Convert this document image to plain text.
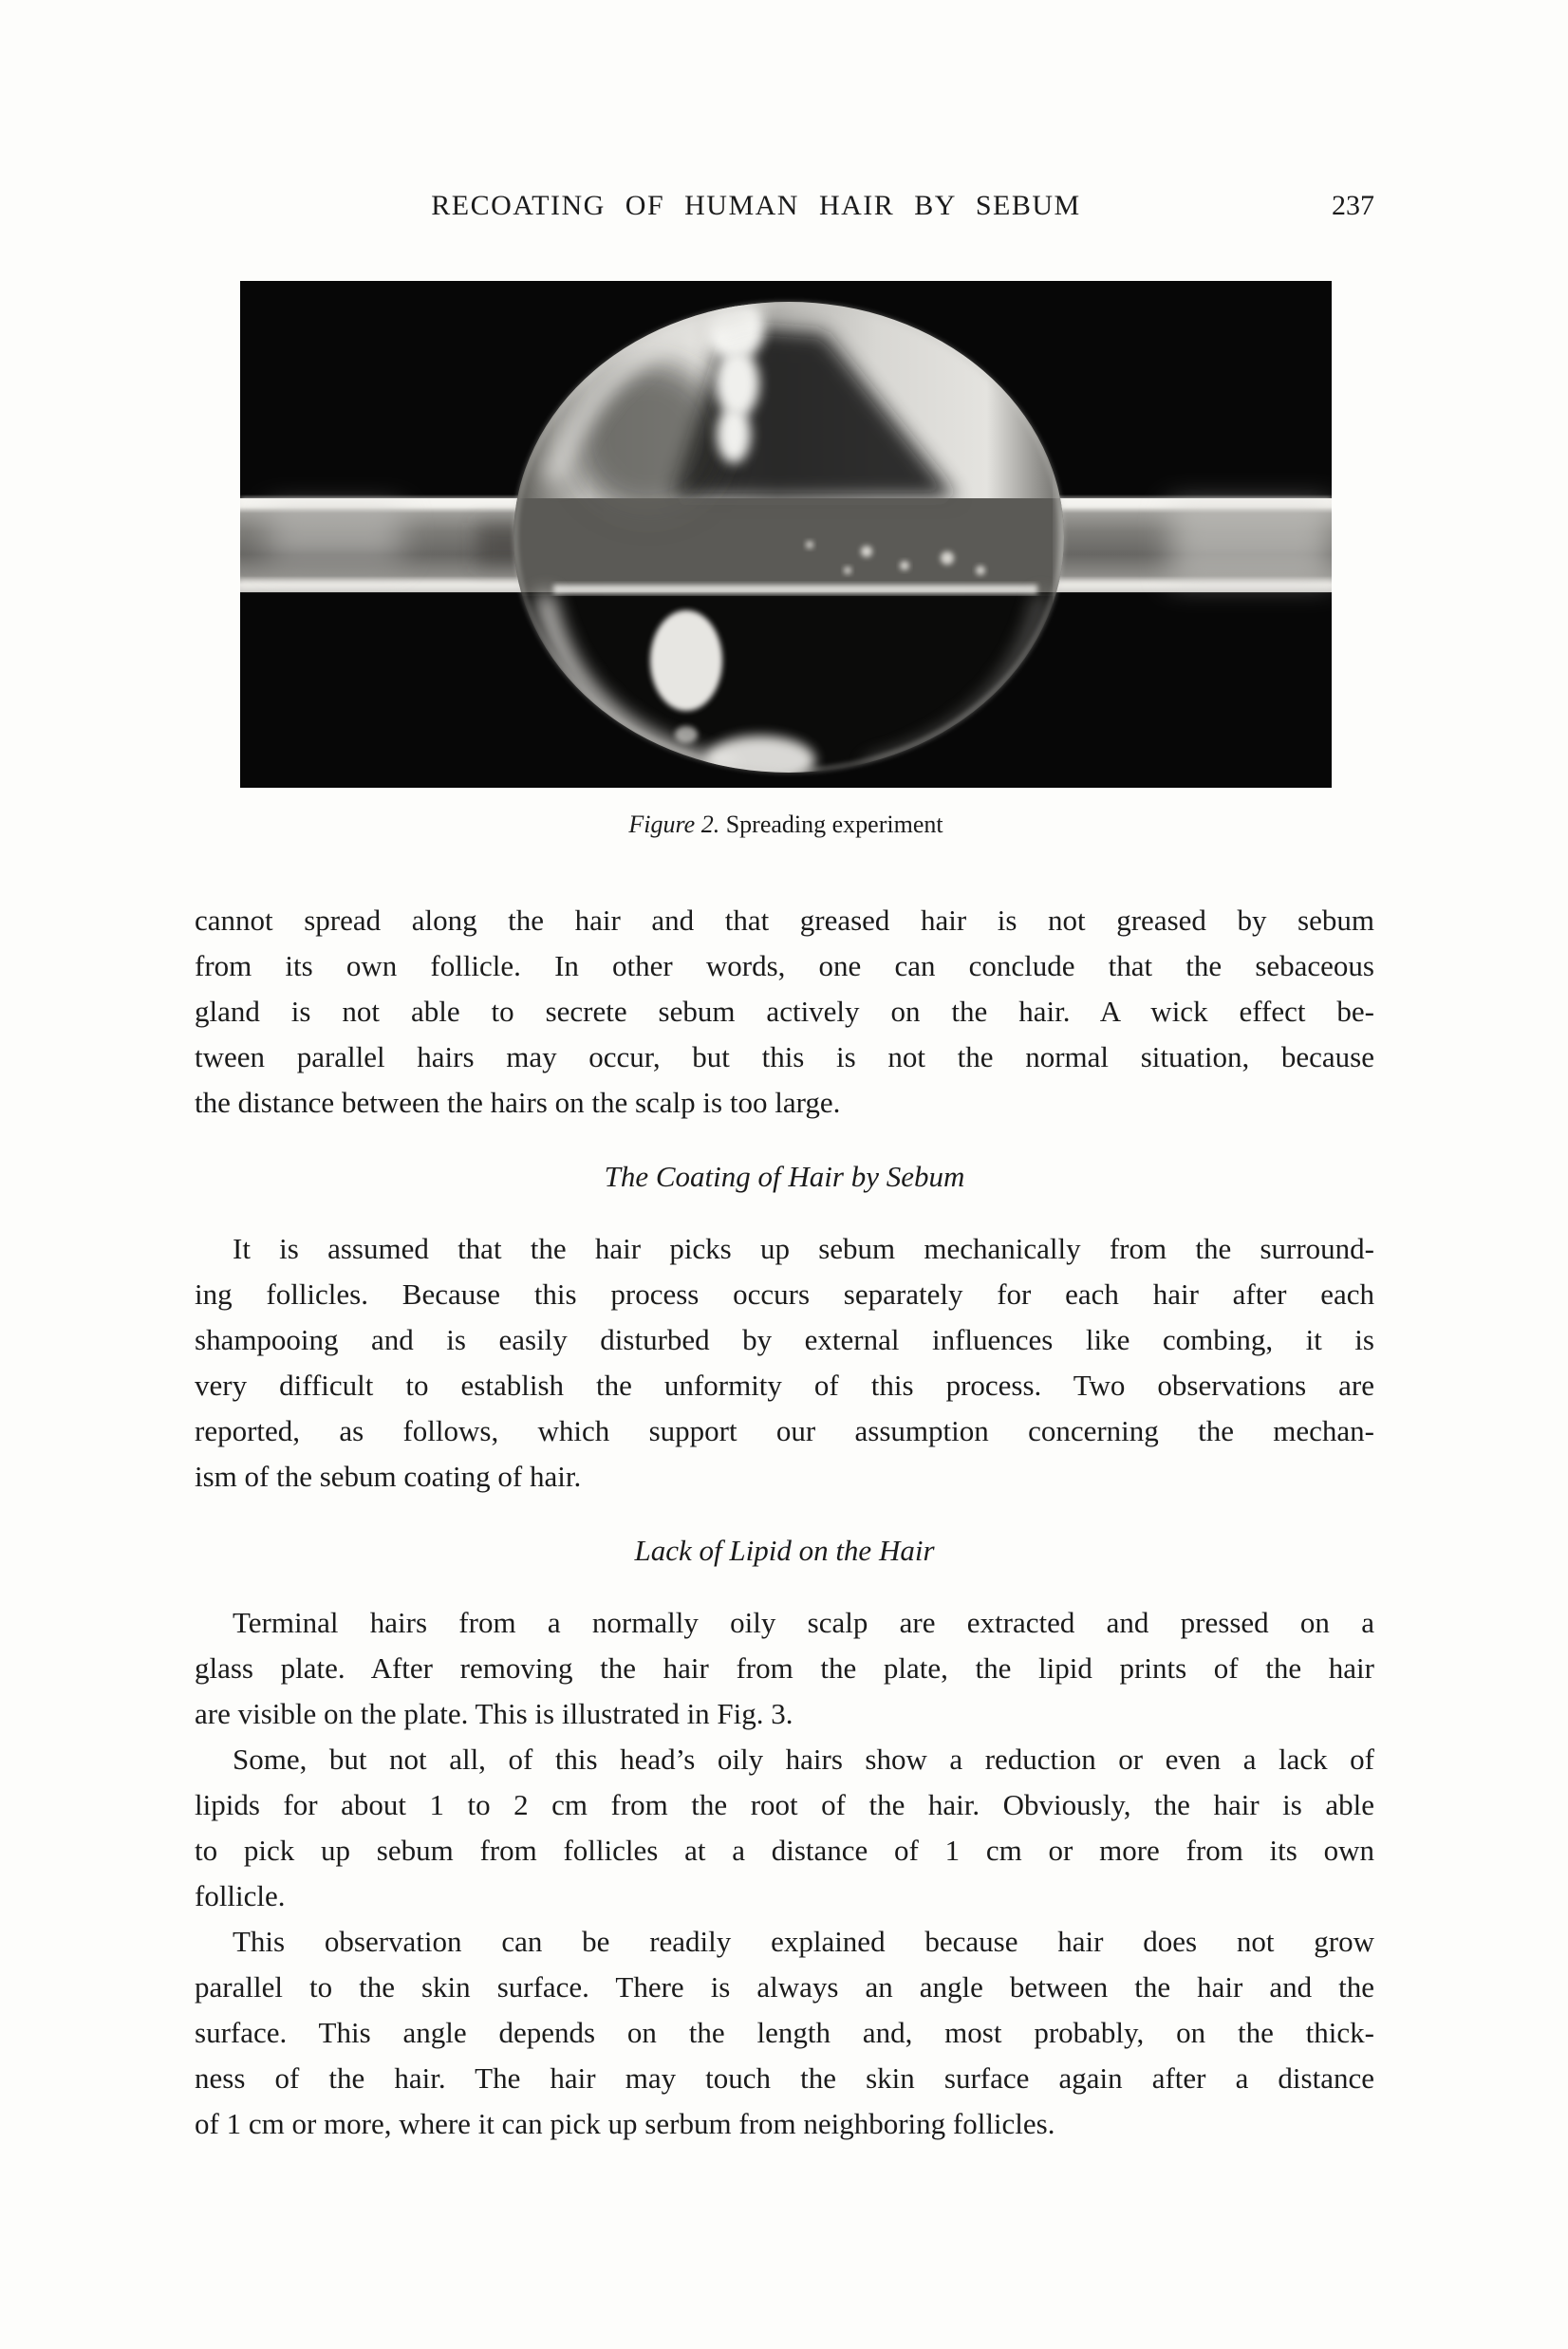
RECOATING OF HUMAN HAIR BY SEBUM	237
Figure 2. Spreading experiment
cannot spread along the hair and that greased hair is not greased by sebum
from its own follicle. In other words, one can conclude that the sebaceous
gland is not able to secrete sebum actively on the hair. A wick effect be-
tween parallel hairs may occur, but this is not the normal situation, because
the distance between the hairs on the scalp is too large.
The Coating of Hair by Sebum
It is assumed that the hair picks up sebum mechanically from the surround-
ing follicles. Because this process occurs separately for each hair after each
shampooing and is easily disturbed by external influences like combing, it is
very difficult to establish the unformity of this process. Two observations are
reported, as follows, which support our assumption concerning the mechan-
ism of the sebum coating of hair.
Lack of Lipid on the Hair
Terminal hairs from a normally oily scalp are extracted and pressed on a
glass plate. After removing the hair from the plate, the lipid prints of the hair
are visible on the plate. This is illustrated in Fig. 3.
Some, but not all, of this head’s oily hairs show a reduction or even a lack of
lipids for about 1 to 2 cm from the root of the hair. Obviously, the hair is able
to pick up sebum from follicles at a distance of 1 cm or more from its own
follicle.
This observation can be readily explained because hair does not grow
parallel to the skin surface. There is always an angle between the hair and the
surface. This angle depends on the length and, most probably, on the thick-
ness of the hair. The hair may touch the skin surface again after a distance
of 1 cm or more, where it can pick up serbum from neighboring follicles.
